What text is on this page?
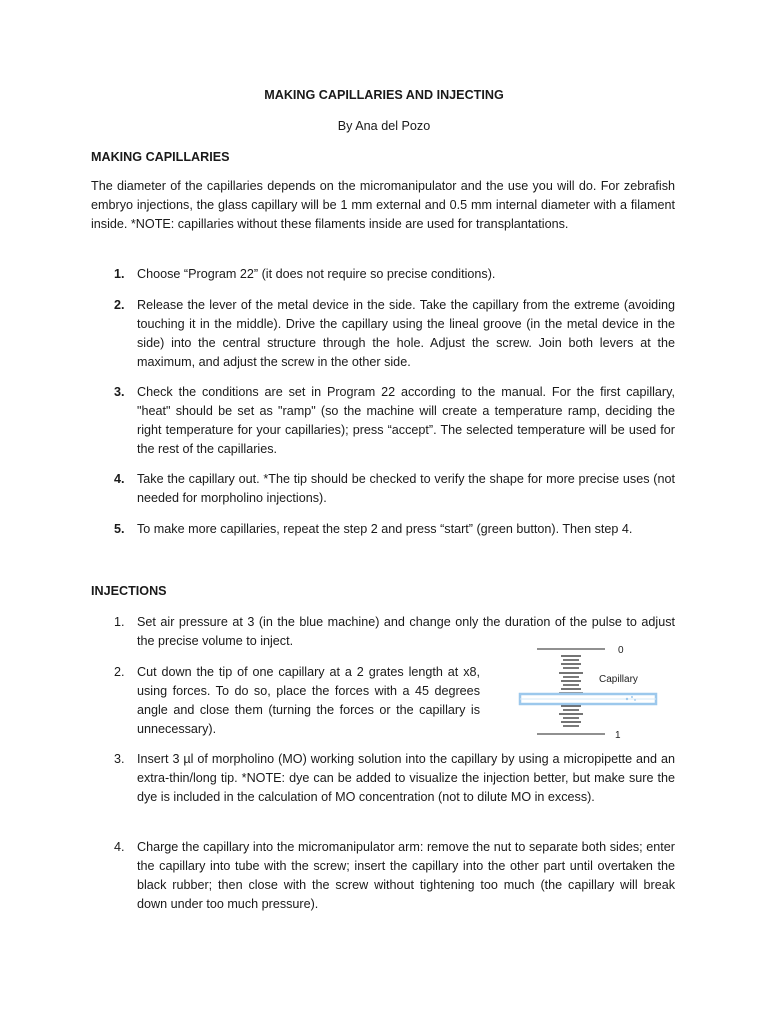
MAKING CAPILLARIES AND INJECTING
By Ana del Pozo
MAKING CAPILLARIES

The diameter of the capillaries depends on the micromanipulator and the use you will do. For zebrafish embryo injections, the glass capillary will be 1 mm external and 0.5 mm internal diameter with a filament inside. *NOTE: capillaries without these filaments inside are used for transplantations.

1. Choose “Program 22” (it does not require so precise conditions).
2. Release the lever of the metal device in the side. Take the capillary from the extreme (avoiding touching it in the middle). Drive the capillary using the lineal groove (in the metal device in the side) into the central structure through the hole. Adjust the screw. Join both levers at the maximum, and adjust the screw in the other side.
3. Check the conditions are set in Program 22 according to the manual. For the first capillary, "heat" should be set as "ramp" (so the machine will create a temperature ramp, deciding the right temperature for your capillaries); press “accept”. The selected temperature will be used for the rest of the capillaries.
4. Take the capillary out. *The tip should be checked to verify the shape for more precise uses (not needed for morpholino injections).
5. To make more capillaries, repeat the step 2 and press “start” (green button). Then step 4.
INJECTIONS
1. Set air pressure at 3 (in the blue machine) and change only the duration of the pulse to adjust the precise volume to inject.
2. Cut down the tip of one capillary at a 2 grates length at x8, using forces. To do so, place the forces with a 45 degrees angle and close them (turning the forces or the capillary is unnecessary).
0
Capillary
1
3. Insert 3 µl of morpholino (MO) working solution into the capillary by using a micropipette and an extra-thin/long tip. *NOTE: dye can be added to visualize the injection better, but make sure the dye is included in the calculation of MO concentration (not to dilute MO in excess).
4. Charge the capillary into the micromanipulator arm: remove the nut to separate both sides; enter the capillary into tube with the screw; insert the capillary into the other part until overtaken the black rubber; then close with the screw without tightening too much (the capillary will break down under too much pressure).
